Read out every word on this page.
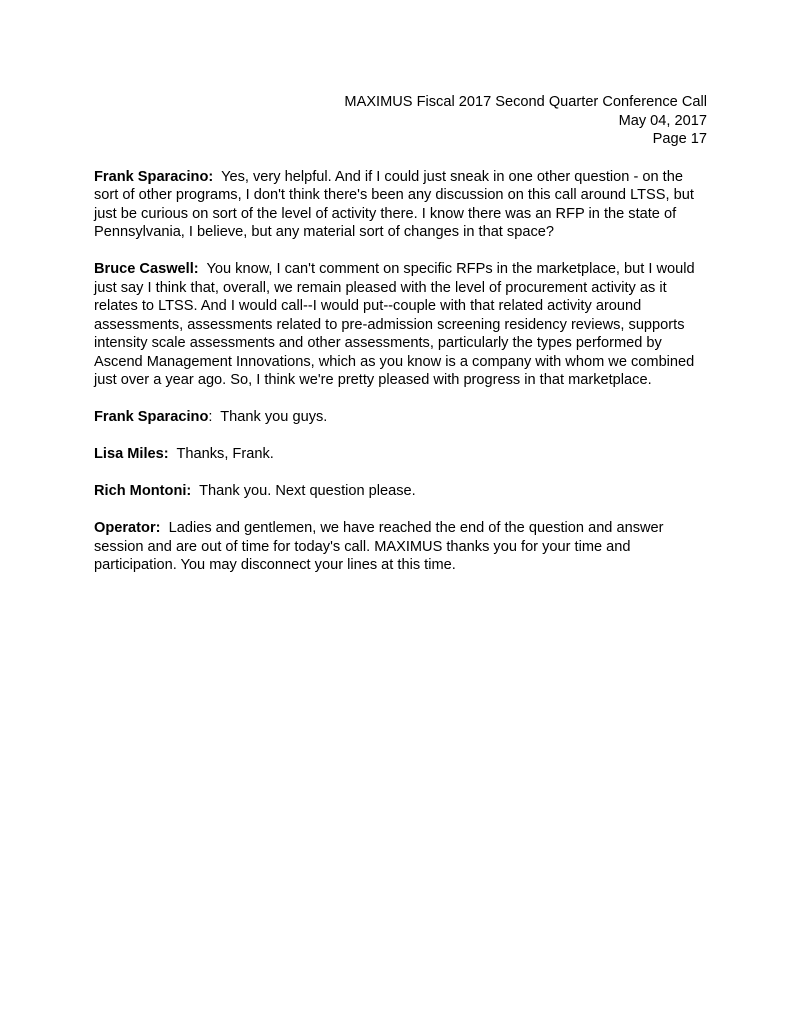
MAXIMUS Fiscal 2017 Second Quarter Conference Call
May 04, 2017
Page 17
Frank Sparacino:  Yes, very helpful. And if I could just sneak in one other question - on the sort of other programs, I don't think there's been any discussion on this call around LTSS, but just be curious on sort of the level of activity there. I know there was an RFP in the state of Pennsylvania, I believe, but any material sort of changes in that space?
Bruce Caswell:  You know, I can't comment on specific RFPs in the marketplace, but I would just say I think that, overall, we remain pleased with the level of procurement activity as it relates to LTSS. And I would call--I would put--couple with that related activity around assessments, assessments related to pre-admission screening residency reviews, supports intensity scale assessments and other assessments, particularly the types performed by Ascend Management Innovations, which as you know is a company with whom we combined just over a year ago. So, I think we're pretty pleased with progress in that marketplace.
Frank Sparacino:  Thank you guys.
Lisa Miles:  Thanks, Frank.
Rich Montoni:  Thank you. Next question please.
Operator:  Ladies and gentlemen, we have reached the end of the question and answer session and are out of time for today's call. MAXIMUS thanks you for your time and participation. You may disconnect your lines at this time.
